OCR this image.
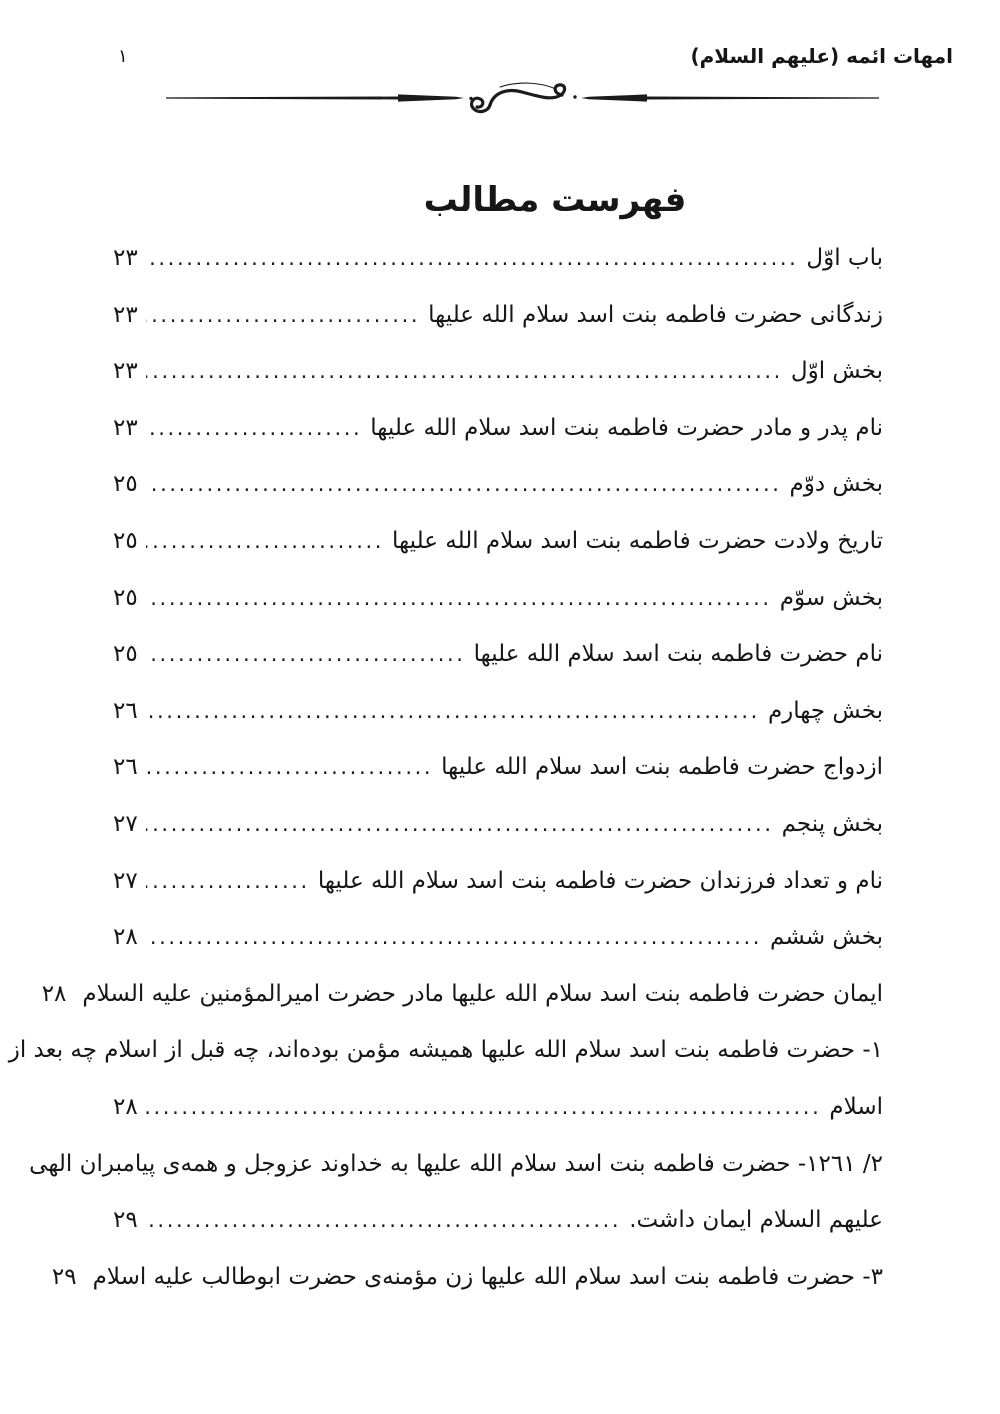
١	امهات ائمه (علیهم السلام)
فهرست مطالب
باب اوّل
.....
٢٣
زندگانی حضرت فاطمه بنت اسد سلام الله علیها
.....
٢٣
بخش اوّل
.....
٢٣
نام پدر و مادر حضرت فاطمه بنت اسد سلام الله علیها
.....
٢٣
بخش دوّم
.....
٢٥
تاریخ ولادت حضرت فاطمه بنت اسد سلام الله علیها
.....
٢٥
بخش سوّم
.....
٢٥
نام حضرت فاطمه بنت اسد سلام الله علیها
.....
٢٥
بخش چهارم
.....
٢٦
ازدواج حضرت فاطمه بنت اسد سلام الله علیها
.....
٢٦
بخش پنجم
.....
٢٧
نام و تعداد فرزندان حضرت فاطمه بنت اسد سلام الله علیها
.....
٢٧
بخش ششم
.....
٢٨
ایمان حضرت فاطمه بنت اسد سلام الله علیها مادر حضرت امیرالمؤمنین علیه السلام
٢٨
١- حضرت فاطمه بنت اسد سلام الله علیها همیشه مؤمن بوده‌اند، چه قبل از اسلام چه بعد از
اسلام
.....
٢٨
٢/ ١٢٦١- حضرت فاطمه بنت اسد سلام الله علیها به خداوند عزوجل و همه‌ی پیامبران الهی
علیهم السلام ایمان داشت.
.....
٢٩
٣- حضرت فاطمه بنت اسد سلام الله علیها زن مؤمنه‌ی حضرت ابوطالب علیه اسلام
٢٩
